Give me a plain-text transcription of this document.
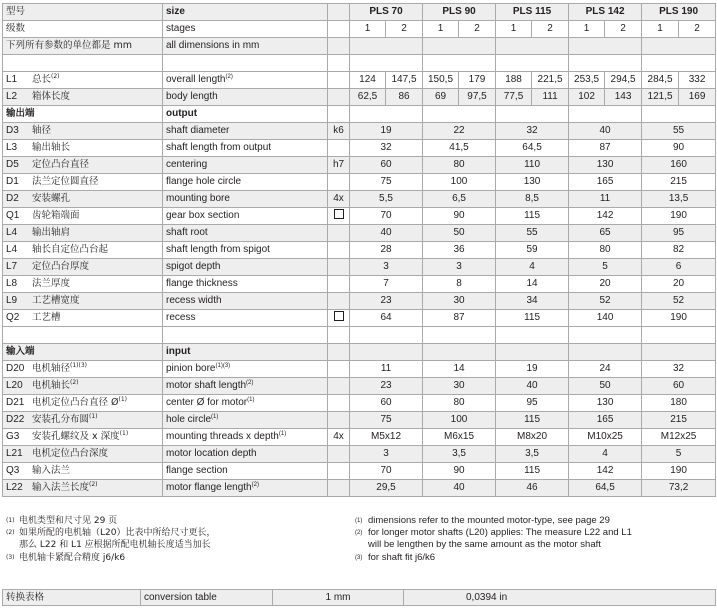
型号	size		PLS 70		PLS 90		PLS 115		PLS 142		PLS 190	
级数	stages		1	2	1	2	1	2	1	2	1	2
下列所有参数的单位都是 mm	all dimensions in mm											

L1 总长$^{(2)}$	overall length$^{(2)}$		124	147,5	150,5	179	188	221,5	253,5	294,5	284,5	332
L2 箱体长度	body length		62,5	86	69	97,5	77,5	111	102	143	121,5	169
输出端	output											
D3 轴径	shaft diameter	k6	19		22		32		40		55	
L3 输出轴长	shaft length from output		32		41,5		64,5		87		90	
D5 定位凸台直径	centering	h7	60		80		110		130		160	
D1 法兰定位圆直径	flange hole circle		75		100		130		165		215	
D2 安装螺孔	mounting bore	4x	5,5		6,5		8,5		11		13,5	
Q1 齿轮箱端面	gear box section		70		90		115		142		190	
L4 输出轴肩	shaft root		40		50		55		65		95	
L4 轴长自定位凸台起	shaft length from spigot		28		36		59		80		82	
L7 定位凸台厚度	spigot depth		3		3		4		5		6	
L8 法兰厚度	flange thickness		7		8		14		20		20	
L9 工艺槽宽度	recess width		23		30		34		52		52	
Q2 工艺槽	recess		64		87		115		140		190	

输入端	input											
D20 电机轴径$^{(1)(3)}$	pinion bore$^{(1)(3)}$		11		14		19		24		32	
L20 电机轴长$^{(2)}$	motor shaft length$^{(2)}$		23		30		40		50		60	
D21 电机定位凸台直径 $Ø^{(1)}$	center Ø for motor$^{(1)}$		60		80		95		130		180	
D22 安装孔分布圆$^{(1)}$	hole circle$^{(1)}$		75		100		115		165		215	
G3 安装孔螺纹及 x 深度$^{(1)}$	mounting threads x depth$^{(1)}$	4x	M5x12		M6x15		M8x20		M10x25		M12x25	
L21 电机定位凸台深度	motor location depth		3		3,5		3,5		4		5	
Q3 输入法兰	flange section		70		90		115		142		190	
L22 输入法兰长度$^{(2)}$	motor flange length$^{(2)}$		29,5		40		46		64,5		73,2	
(1) 电机类型和尺寸见 29 页
(2) 如果所配的电机轴（L20）比表中所给尺寸更长，
那么 L22 和 L1 应根据所配电机轴长度适当加长
(3) 电机轴卡紧配合精度 j6/k6
(1) dimensions refer to the mounted motor-type, see page 29
(2) for longer motor shafts (L20) applies: The measure L22 and L1
will be lengthen by the same amount as the motor shaft
(3) for shaft fit j6/k6
转换表格	conversion table	1 mm	0,0394 in
